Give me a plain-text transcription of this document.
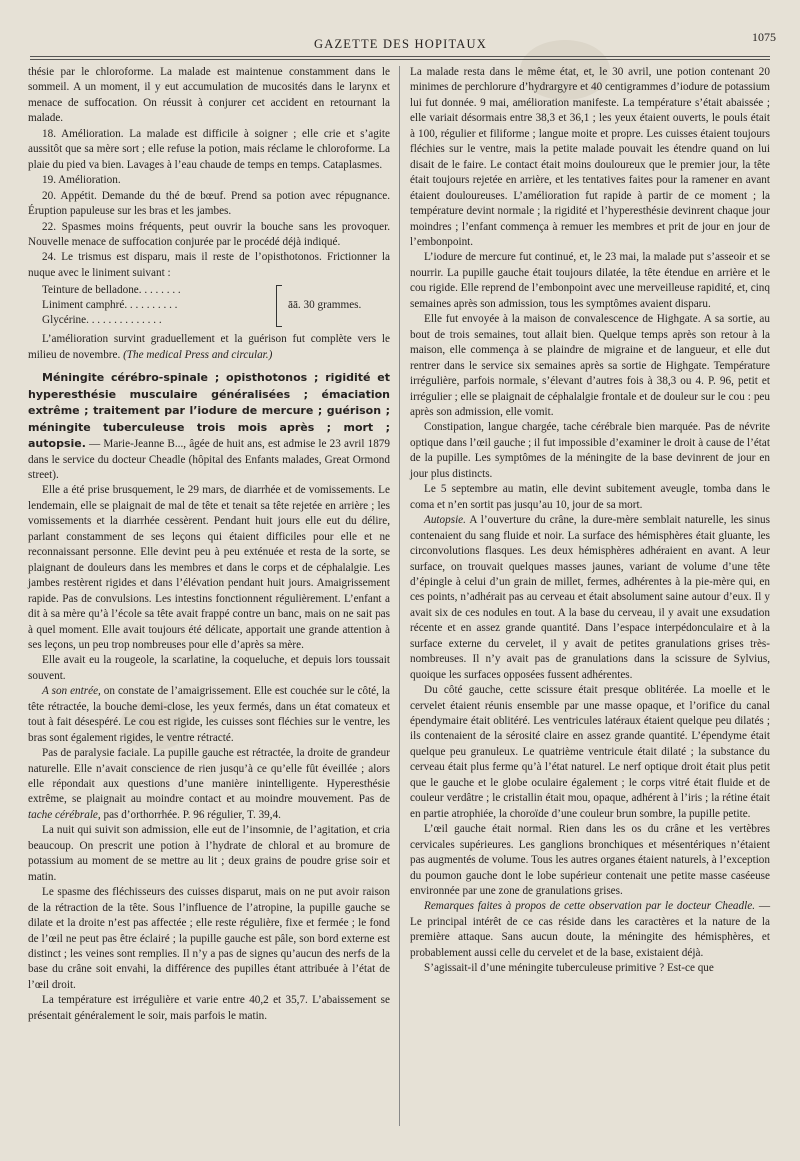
GAZETTE DES HOPITAUX	1075

thésie par le chloroforme. La malade est maintenue constamment dans le sommeil. A un moment, il y eut accumulation de mucosités dans le larynx et menace de suffocation. On réussit à conjurer cet accident en retournant la malade.

18. Amélioration. La malade est difficile à soigner ; elle crie et s’agite aussitôt que sa mère sort ; elle refuse la potion, mais réclame le chloroforme. La plaie du pied va bien. Lavages à l’eau chaude de temps en temps. Cataplasmes.

19. Amélioration.

20. Appétit. Demande du thé de bœuf. Prend sa potion avec répugnance. Éruption papuleuse sur les bras et les jambes.

22. Spasmes moins fréquents, peut ouvrir la bouche sans les provoquer. Nouvelle menace de suffocation conjurée par le procédé déjà indiqué.

24. Le trismus est disparu, mais il reste de l’opisthotonos. Frictionner la nuque avec le liniment suivant :

Teinture de belladone. . . . . . . .
Liniment camphré. . . . . . . . . .
Glycérine. . . . . . . . . . . . . .
āā. 30 grammes.

L’amélioration survint graduellement et la guérison fut complète vers le milieu de novembre. (The medical Press and circular.)

Méningite cérébro-spinale ; opisthotonos ; rigidité et hyperesthésie musculaire généralisées ; émaciation extrême ; traitement par l’iodure de mercure ; guérison ; méningite tuberculeuse trois mois après ; mort ; autopsie. — Marie-Jeanne B..., âgée de huit ans, est admise le 23 avril 1879 dans le service du docteur Cheadle (hôpital des Enfants malades, Great Ormond street).

Elle a été prise brusquement, le 29 mars, de diarrhée et de vomissements. Le lendemain, elle se plaignait de mal de tête et tenait sa tête rejetée en arrière ; les vomissements et la diarrhée cessèrent. Pendant huit jours elle eut du délire, parlant constamment de ses leçons qui étaient difficiles pour elle et ne reconnaissant personne. Elle devint peu à peu exténuée et resta de la sorte, se plaignant de douleurs dans les membres et dans le corps et de céphalalgie. Les jambes restèrent rigides et dans l’élévation pendant huit jours. Amaigrissement rapide. Pas de convulsions. Les intestins fonctionnent régulièrement. L’enfant a dit à sa mère qu’à l’école sa tête avait frappé contre un banc, mais on ne sait pas à quel moment. Elle avait toujours été délicate, apportait une grande attention à ses leçons, un peu trop nombreuses pour elle d’après sa mère.

Elle avait eu la rougeole, la scarlatine, la coqueluche, et depuis lors toussait souvent.

A son entrée, on constate de l’amaigrissement. Elle est couchée sur le côté, la tête rétractée, la bouche demi-close, les yeux fermés, dans un état comateux et tout à fait désespéré. Le cou est rigide, les cuisses sont fléchies sur le ventre, les bras sont également rigides, le ventre rétracté.

Pas de paralysie faciale. La pupille gauche est rétractée, la droite de grandeur naturelle. Elle n’avait conscience de rien jusqu’à ce qu’elle fût éveillée ; alors elle répondait aux questions d’une manière inintelligente. Hyperesthésie extrême, se plaignait au moindre contact et au moindre mouvement. Pas de tache cérébrale, pas d’orthorrhée. P. 96 régulier, T. 39,4.

La nuit qui suivit son admission, elle eut de l’insomnie, de l’agitation, et cria beaucoup. On prescrit une potion à l’hydrate de chloral et au bromure de potassium au moment de se mettre au lit ; deux grains de poudre grise soir et matin.

Le spasme des fléchisseurs des cuisses disparut, mais on ne put avoir raison de la rétraction de la tête. Sous l’influence de l’atropine, la pupille gauche se dilate et la droite n’est pas affectée ; elle reste régulière, fixe et fermée ; le fond de l’œil ne peut pas être éclairé ; la pupille gauche est pâle, son bord externe est distinct ; les veines sont remplies. Il n’y a pas de signes qu’aucun des nerfs de la base du crâne soit envahi, la différence des pupilles étant attribuée à l’état de l’œil droit.

La température est irrégulière et varie entre 40,2 et 35,7. L’abaissement se présentait généralement le soir, mais parfois le matin.

La malade resta dans le même état, et, le 30 avril, une potion contenant 20 minimes de perchlorure d’hydrargyre et 40 centigrammes d’iodure de potassium lui fut donnée. 9 mai, amélioration manifeste. La température s’était abaissée ; elle variait désormais entre 38,3 et 36,1 ; les yeux étaient ouverts, le pouls était à 100, régulier et filiforme ; langue moite et propre. Les cuisses étaient toujours fléchies sur le ventre, mais la petite malade pouvait les étendre quand on lui disait de le faire. Le contact était moins douloureux que le premier jour, la tête était toujours rejetée en arrière, et les tentatives faites pour la ramener en avant étaient douloureuses. L’amélioration fut rapide à partir de ce moment ; la température devint normale ; la rigidité et l’hyperesthésie devinrent chaque jour moindres ; l’enfant commença à remuer les membres et prit de jour en jour de l’embonpoint.

L’iodure de mercure fut continué, et, le 23 mai, la malade put s’asseoir et se nourrir. La pupille gauche était toujours dilatée, la tête étendue en arrière et le cou rigide. Elle reprend de l’embonpoint avec une merveilleuse rapidité, et, cinq semaines après son admission, tous les symptômes avaient disparu.

Elle fut envoyée à la maison de convalescence de Highgate. A sa sortie, au bout de trois semaines, tout allait bien. Quelque temps après son retour à la maison, elle commença à se plaindre de migraine et de langueur, et elle dut rentrer dans le service six semaines après sa sortie de Highgate. Température irrégulière, parfois normale, s’élevant d’autres fois à 38,3 ou 4. P. 96, petit et irrégulier ; elle se plaignait de céphalalgie frontale et de douleur sur le cou : peu après son admission, elle vomit.

Constipation, langue chargée, tache cérébrale bien marquée. Pas de névrite optique dans l’œil gauche ; il fut impossible d’examiner le droit à cause de l’état de la pupille. Les symptômes de la méningite de la base devinrent de jour en jour plus distincts.

Le 5 septembre au matin, elle devint subitement aveugle, tomba dans le coma et n’en sortit pas jusqu’au 10, jour de sa mort.

Autopsie. A l’ouverture du crâne, la dure-mère semblait naturelle, les sinus contenaient du sang fluide et noir. La surface des hémisphères était gluante, les circonvolutions flasques. Les deux hémisphères adhéraient en avant. A leur surface, on trouvait quelques masses jaunes, variant de volume d’une tête d’épingle à celui d’un grain de millet, fermes, adhérentes à la pie-mère qui, en ces points, n’adhérait pas au cerveau et était absolument saine autour d’eux. Il y avait six de ces nodules en tout. A la base du cerveau, il y avait une exsudation récente et en assez grande quantité. Dans l’espace interpédonculaire et à la surface externe du cervelet, il y avait de petites granulations grises très-nombreuses. Il n’y avait pas de granulations dans la scissure de Sylvius, quoique les surfaces opposées fussent adhérentes.

Du côté gauche, cette scissure était presque oblitérée. La moelle et le cervelet étaient réunis ensemble par une masse opaque, et l’orifice du canal épendymaire était oblitéré. Les ventricules latéraux étaient quelque peu dilatés ; ils contenaient de la sérosité claire en assez grande quantité. L’épendyme était quelque peu granuleux. Le quatrième ventricule était dilaté ; la substance du cerveau était plus ferme qu’à l’état naturel. Le nerf optique droit était plus petit que le gauche et le globe oculaire également ; le corps vitré était fluide et de couleur verdâtre ; le cristallin était mou, opaque, adhérent à l’iris ; la rétine était en partie atrophiée, la choroïde d’une couleur brun sombre, la pupille petite.

L’œil gauche était normal. Rien dans les os du crâne et les vertèbres cervicales supérieures. Les ganglions bronchiques et mésentériques n’étaient pas augmentés de volume. Tous les autres organes étaient naturels, à l’exception du poumon gauche dont le lobe supérieur contenait une petite masse caséeuse environnée par une zone de granulations grises.

Remarques faites à propos de cette observation par le docteur Cheadle. — Le principal intérêt de ce cas réside dans les caractères et la nature de la première attaque. Sans aucun doute, la méningite des hémisphères, et probablement aussi celle du cervelet et de la base, existaient déjà.

S’agissait-il d’une méningite tuberculeuse primitive ? Est-ce que
